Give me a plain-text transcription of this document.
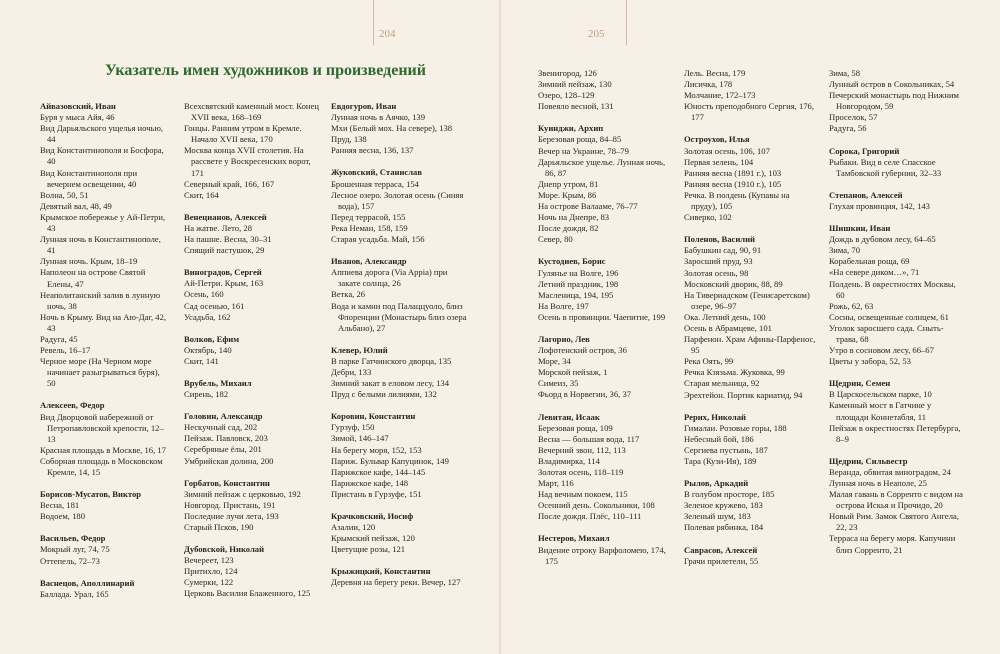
204	205
Указатель имен художников и произведений
Айвазовский, Иван
Буря у мыса Айя, 46
Вид Дарьяльского ущелья ночью, 44
Вид Константинополя и Босфора, 40
Вид Константинополя при вечернем освещении, 40
Волна, 50, 51
Девятый вал, 48, 49
Крымское побережье у Ай-Петри, 43
Лунная ночь в Константинополе, 41
Лунная ночь. Крым, 18–19
Наполеон на острове Святой Елены, 47
Неаполитанский залив в лунную ночь, 38
Ночь в Крыму. Вид на Аю-Даг, 42, 43
Радуга, 45
Ревель, 16–17
Черное море (На Черном море начинает разыгрываться буря), 50
Алексеев, Федор
Вид Дворцовой набережной от Петропавловской крепости, 12–13
Красная площадь в Москве, 16, 17
Соборная площадь в Московском Кремле, 14, 15
Борисов-Мусатов, Виктор
Весна, 181
Водоем, 180
Васильев, Федор
Мокрый луг, 74, 75
Оттепель, 72–73
Васнецов, Аполлинарий
Баллада. Урал, 165
Всехсвятский каменный мост. Конец XVII века, 168–169
Гонцы. Ранним утром в Кремле. Начало XVII века, 170
Москва конца XVII столетия. На рассвете у Воскресенских ворот, 171
Северный край, 166, 167
Скит, 164
Венецианов, Алексей
На жатве. Лето, 28
На пашне. Весна, 30–31
Спящий пастушок, 29
Виноградов, Сергей
Ай-Петри. Крым, 163
Осень, 160
Сад осенью, 161
Усадьба, 162
Волков, Ефим
Октябрь, 140
Скит, 141
Врубель, Михаил
Сирень, 182
Головин, Александр
Нескучный сад, 202
Пейзаж. Павловск, 203
Серебряные ёлы, 201
Умбрийская долина, 200
Горбатов, Константин
Зимний пейзаж с церковью, 192
Новгород. Пристань, 191
Последние лучи лета, 193
Старый Псков, 190
Дубовской, Николай
Вечереет, 123
Притихло, 124
Сумерки, 122
Церковь Василия Блаженного, 125
Евдогуров, Иван
Лунная ночь в Аячко, 139
Мхи (Белый мох. На севере), 138
Пруд, 138
Ранняя весна, 136, 137
Жуковский, Станислав
Брошенная терраса, 154
Лесное озеро. Золотая осень (Синяя вода), 157
Перед террасой, 155
Река Неман, 158, 159
Старая усадьба. Май, 156
Иванов, Александр
Аппиева дорога (Via Appia) при закате солнца, 26
Ветка, 26
Вода и камни под Палаццуоло, близ Флоренции (Монастырь близ озера Альбано), 27
Клевер, Юлий
В парке Гатчинского дворца, 135
Дебри, 133
Зимний закат в еловом лесу, 134
Пруд с белыми лилиями, 132
Коровин, Константин
Гурзуф, 150
Зимой, 146–147
На берегу моря, 152, 153
Париж. Бульвар Капуцинок, 149
Парижское кафе, 144–145
Парижское кафе, 148
Пристань в Гурзуфе, 151
Крачковский, Иосиф
Азалии, 120
Крымский пейзаж, 120
Цветущие розы, 121
Крыжицкий, Константин
Деревня на берегу реки. Вечер, 127
Звенигород, 126
Зимний пейзаж, 130
Озеро, 128–129
Повеяло весной, 131
Куинджи, Архип
Березовая роща, 84–85
Вечер на Украине, 78–79
Дарьяльское ущелье. Лунная ночь, 86, 87
Днепр утром, 81
Море. Крым, 86
На острове Валааме, 76–77
Ночь на Днепре, 83
После дождя, 82
Север, 80
Кустодиев, Борис
Гулянье на Волге, 196
Летний праздник, 198
Масленица, 194, 195
На Волге, 197
Осень в провинции. Чаепитие, 199
Лагорио, Лев
Лофотенский остров, 36
Море, 34
Морской пейзаж, 1
Симеиз, 35
Фьорд в Норвегии, 36, 37
Левитан, Исаак
Березовая роща, 109
Весна — большая вода, 117
Вечерний звон, 112, 113
Владимирка, 114
Золотая осень, 118–119
Март, 116
Над вечным покоем, 115
Осенний день. Сокольники, 108
После дождя. Плёс, 110–111
Нестеров, Михаил
Видение отроку Варфоломею, 174, 175
Лель. Весна, 179
Лисичка, 178
Молчание, 172–173
Юность преподобного Сергия, 176, 177
Остроухов, Илья
Золотая осень, 106, 107
Первая зелень, 104
Ранняя весна (1891 г.), 103
Ранняя весна (1910 г.), 105
Речка. В полдень (Купавы на пруду), 105
Сиверко, 102
Поленов, Василий
Бабушкин сад, 90, 91
Заросший пруд, 93
Золотая осень, 98
Московский дворик, 88, 89
На Тивериадском (Генисаретском) озере, 96–97
Ока. Летний день, 100
Осень в Абрамцеве, 101
Парфенон. Храм Афины-Парфенос, 95
Река Оять, 99
Речка Кзязьма. Жуковка, 99
Старая мельница, 92
Эрехтейон. Портик кариатид, 94
Рерих, Николай
Гималаи. Розовые горы, 188
Небесный бой, 186
Сергиева пустынь, 187
Тара (Кузи-Ия), 189
Рылов, Аркадий
В голубом просторе, 185
Зеленое кружево, 183
Зеленый шум, 183
Полевая рябинка, 184
Саврасов, Алексей
Грачи прилетели, 55
Зима, 58
Лунный остров в Сокольниках, 54
Печерский монастырь под Нижним Новгородом, 59
Проселок, 57
Радуга, 56
Сорока, Григорий
Рыбаки. Вид в селе Спасское Тамбовской губернии, 32–33
Степанов, Алексей
Глухая провинция, 142, 143
Шишкин, Иван
Дождь в дубовом лесу, 64–65
Зима, 70
Корабельная роща, 69
«На севере диком…», 71
Полдень. В окрестностях Москвы, 60
Рожь, 62, 63
Сосны, освещенные солнцем, 61
Уголок заросшего сада. Сныть-трава, 68
Утро в сосновом лесу, 66–67
Цветы у забора, 52, 53
Щедрин, Семен
В Царскосельском парке, 10
Каменный мост в Гатчине у площади Коннетабля, 11
Пейзаж в окрестностях Петербурга, 8–9
Щедрин, Сильвестр
Веранда, обвитая виноградом, 24
Лунная ночь в Неаполе, 25
Малая гавань в Сорренто с видом на острова Искья и Прочидо, 20
Новый Рим. Замок Святого Ангела, 22, 23
Терраса на берегу моря. Капучини близ Сорренто, 21
